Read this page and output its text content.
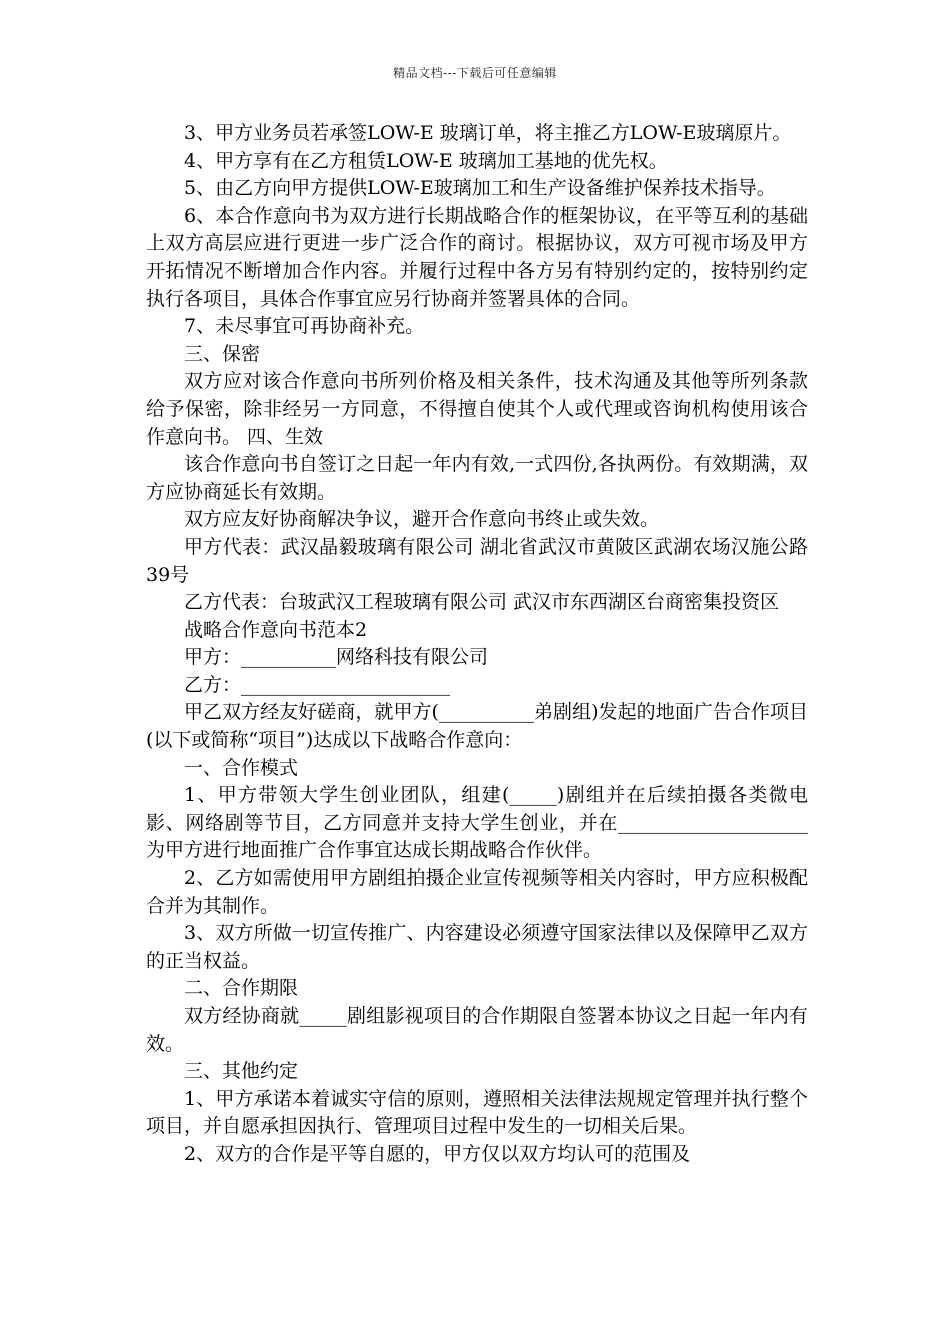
精品文档---下载后可任意编辑

3、甲方业务员若承签LOW-E 玻璃订单，将主推乙方LOW-E玻璃原片。

4、甲方享有在乙方租赁LOW-E 玻璃加工基地的优先权。

5、由乙方向甲方提供LOW-E玻璃加工和生产设备维护保养技术指导。

6、本合作意向书为双方进行长期战略合作的框架协议，在平等互利的基础上双方高层应进行更进一步广泛合作的商讨。根据协议，双方可视市场及甲方开拓情况不断增加合作内容。并履行过程中各方另有特别约定的，按特别约定执行各项目，具体合作事宜应另行协商并签署具体的合同。

7、未尽事宜可再协商补充。

三、保密

双方应对该合作意向书所列价格及相关条件，技术沟通及其他等所列条款给予保密，除非经另一方同意，不得擅自使其个人或代理或咨询机构使用该合作意向书。 四、生效

该合作意向书自签订之日起一年内有效,一式四份,各执两份。有效期满，双方应协商延长有效期。

双方应友好协商解决争议，避开合作意向书终止或失效。

甲方代表：武汉晶毅玻璃有限公司 湖北省武汉市黄陂区武湖农场汉施公路39号

乙方代表：台玻武汉工程玻璃有限公司 武汉市东西湖区台商密集投资区

战略合作意向书范本2

甲方：__________网络科技有限公司

乙方：______________________

甲乙双方经友好磋商，就甲方(__________弟剧组)发起的地面广告合作项目(以下或简称“项目”)达成以下战略合作意向：

一、合作模式

1、甲方带领大学生创业团队，组建(_____)剧组并在后续拍摄各类微电影、网络剧等节目，乙方同意并支持大学生创业，并在____________________为甲方进行地面推广合作事宜达成长期战略合作伙伴。

2、乙方如需使用甲方剧组拍摄企业宣传视频等相关内容时，甲方应积极配合并为其制作。

3、双方所做一切宣传推广、内容建设必须遵守国家法律以及保障甲乙双方的正当权益。

二、合作期限

双方经协商就_____剧组影视项目的合作期限自签署本协议之日起一年内有效。

三、其他约定

1、甲方承诺本着诚实守信的原则，遵照相关法律法规规定管理并执行整个项目，并自愿承担因执行、管理项目过程中发生的一切相关后果。

2、双方的合作是平等自愿的，甲方仅以双方均认可的范围及
